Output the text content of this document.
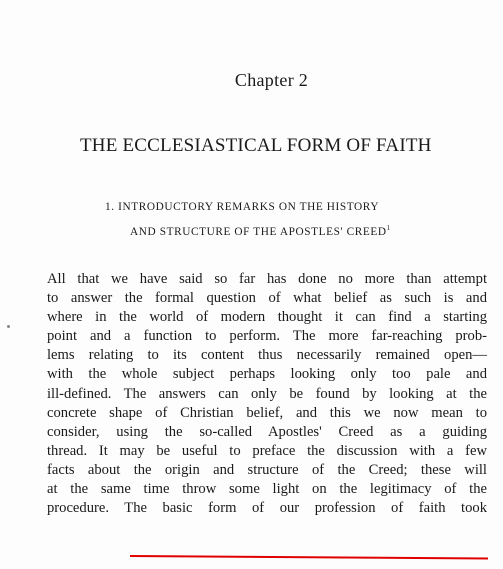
Chapter 2
THE ECCLESIASTICAL FORM OF FAITH
1. INTRODUCTORY REMARKS ON THE HISTORY
AND STRUCTURE OF THE APOSTLES' CREED$^1$
All that we have said so far has done no more than attempt
to answer the formal question of what belief as such is and
where in the world of modern thought it can find a starting
point and a function to perform. The more far-reaching prob-
lems relating to its content thus necessarily remained open—
with the whole subject perhaps looking only too pale and
ill-defined. The answers can only be found by looking at the
concrete shape of Christian belief, and this we now mean to
consider, using the so-called Apostles' Creed as a guiding
thread. It may be useful to preface the discussion with a few
facts about the origin and structure of the Creed; these will
at the same time throw some light on the legitimacy of the
procedure. The basic form of our profession of faith took
